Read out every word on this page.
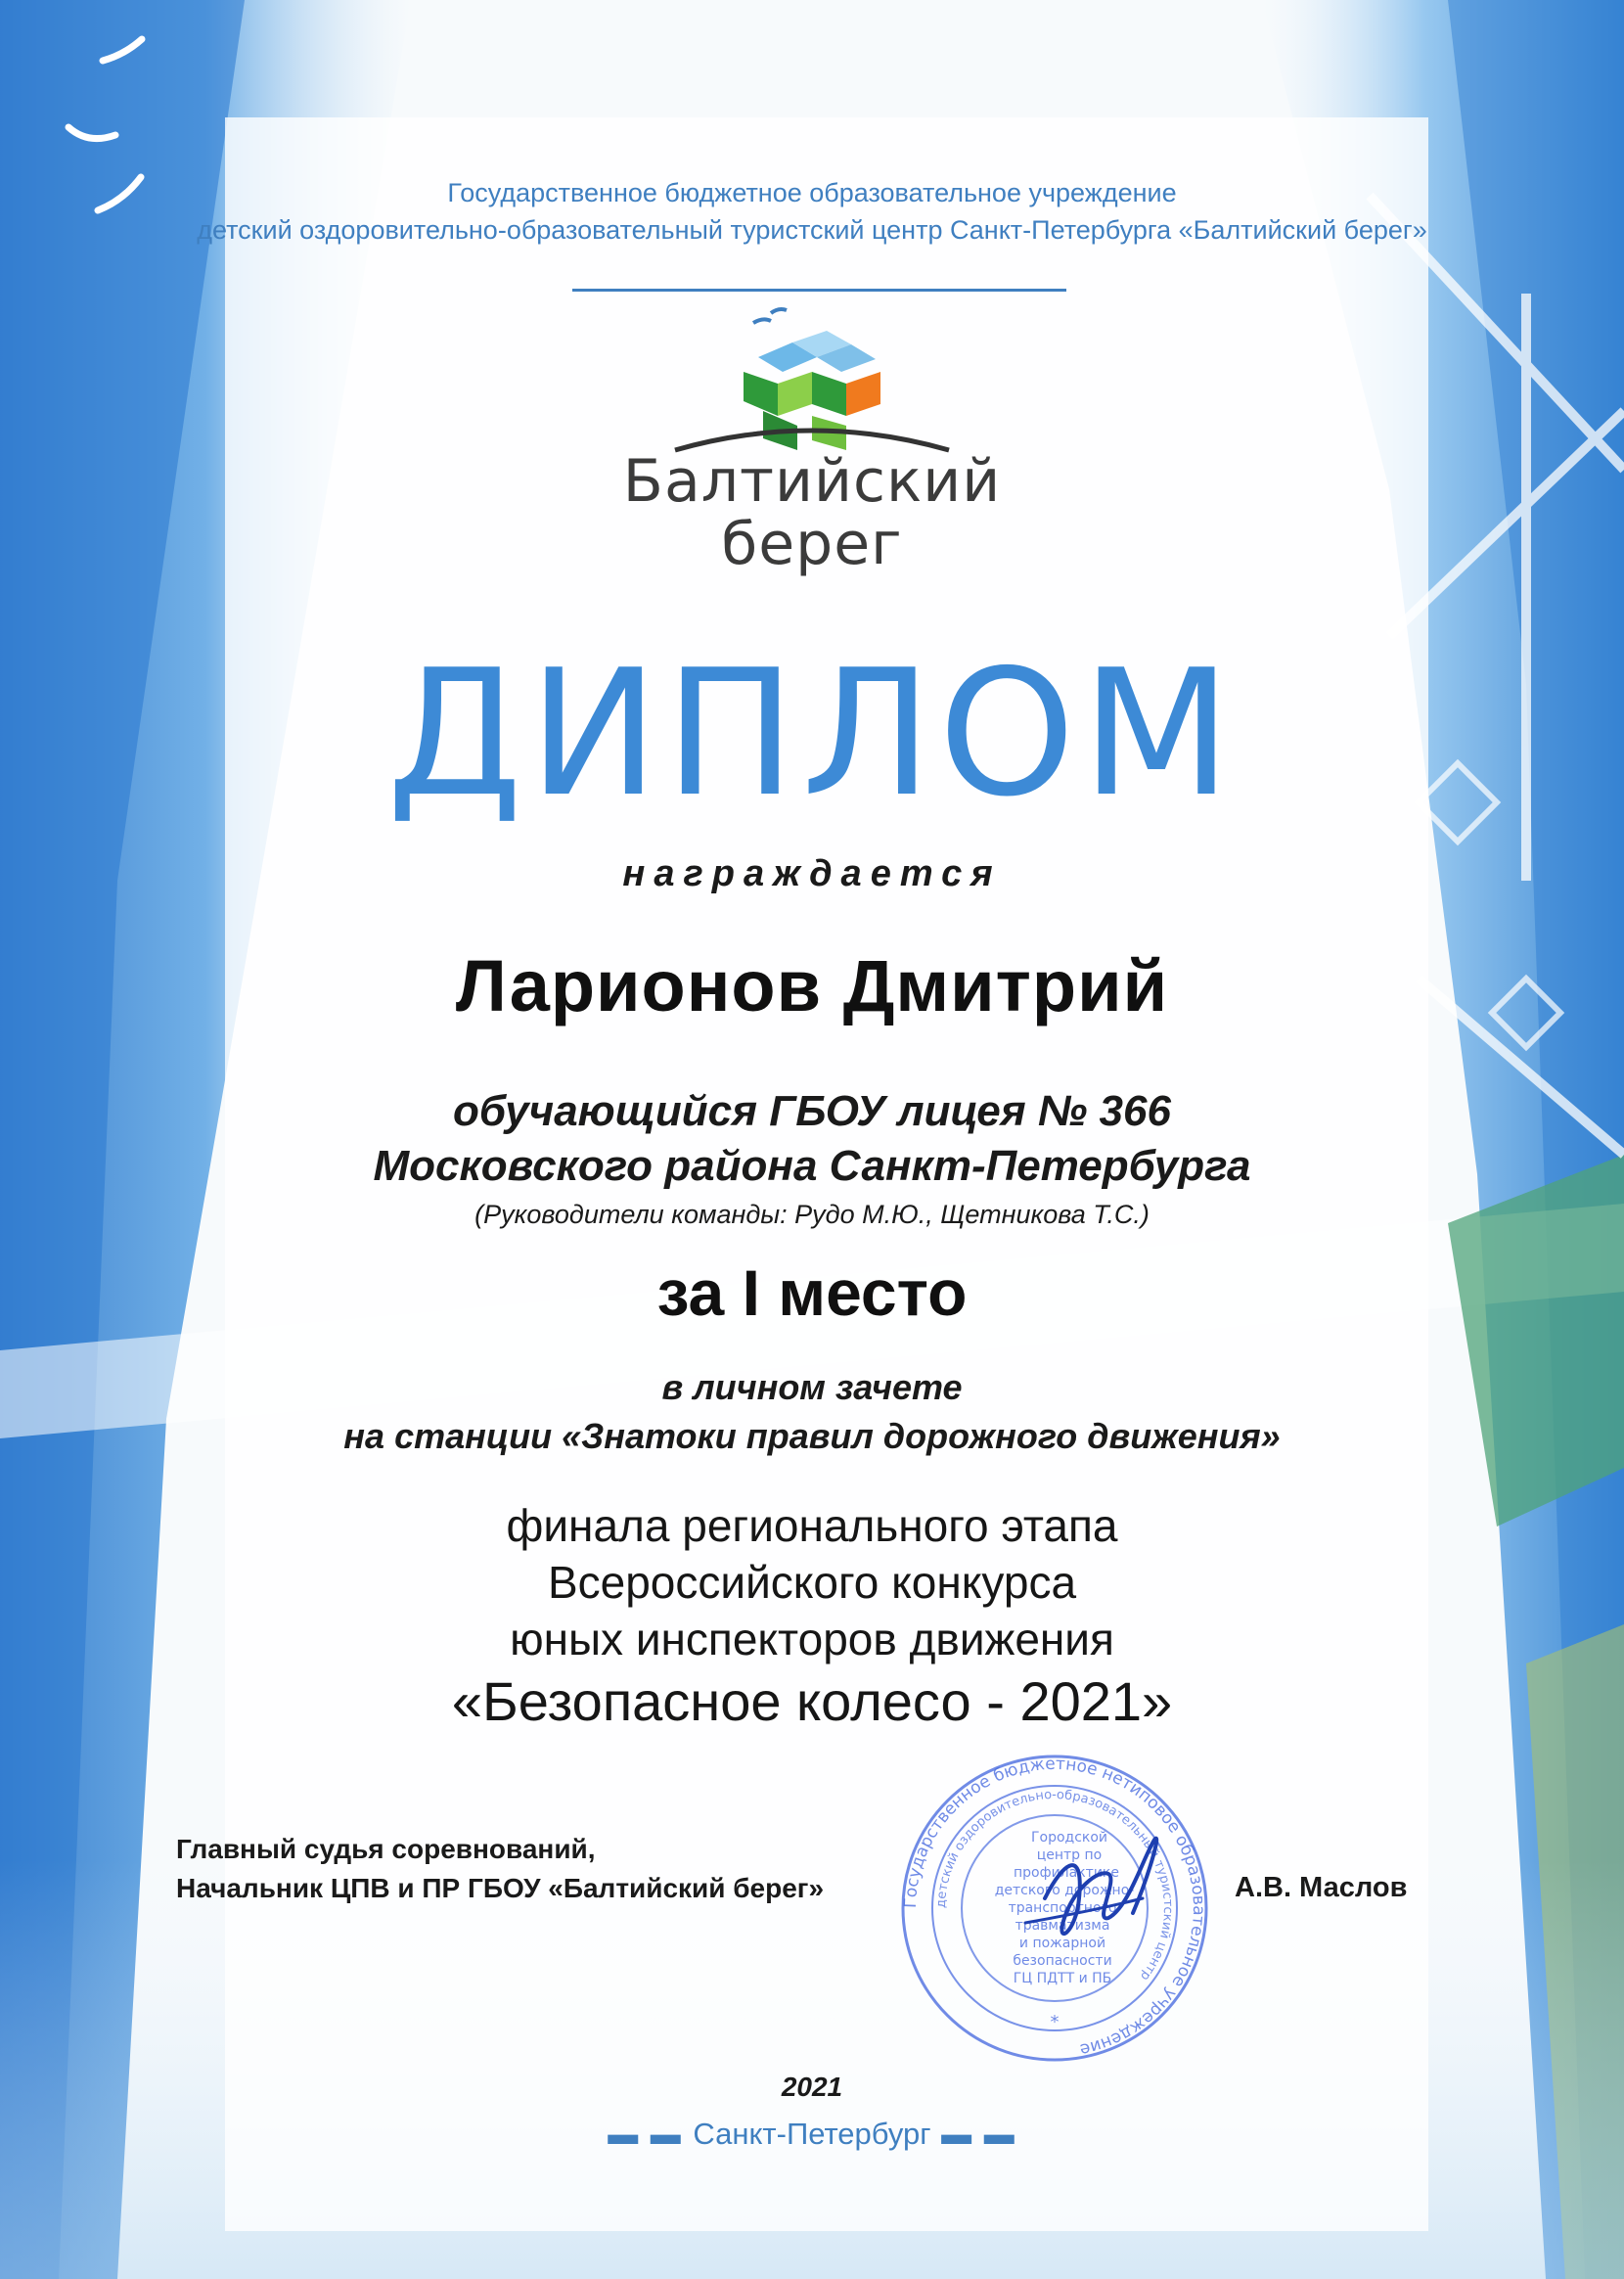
Государственное бюджетное образовательное учреждение
детский оздоровительно-образовательный туристский центр Санкт-Петербурга «Балтийский берег»
Балтийский
берег
ДИПЛОМ
награждается
Ларионов Дмитрий
обучающийся ГБОУ лицея № 366
Московского района Санкт-Петербурга
(Руководители команды: Рудо М.Ю., Щетникова Т.С.)
за I место
в личном зачете
на станции «Знатоки правил дорожного движения»
финала регионального этапа
Всероссийского конкурса
юных инспекторов движения
«Безопасное колесо - 2021»
Главный судья соревнований,
Начальник ЦПВ и ПР ГБОУ «Балтийский берег»	А.В. Маслов
Государственное бюджетное нетиповое образовательное учреждение
детский оздоровительно-образовательный туристский центр
Городской
центр по
профилактике
детского дорожно-
транспортного
травматизма
и пожарной
безопасности
ГЦ ПДТТ и ПБ
*
2021
▬ ▬ Санкт-Петербург ▬ ▬
